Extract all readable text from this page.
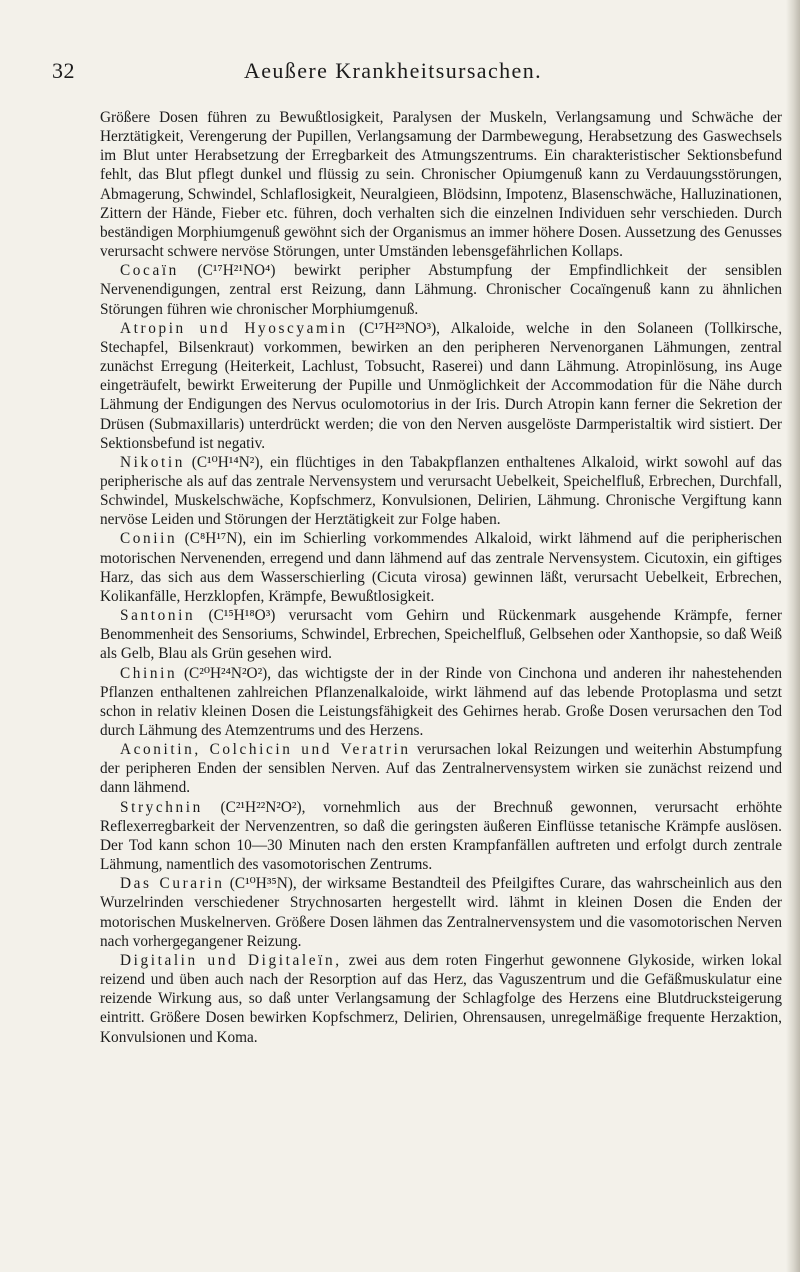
32	Aeußere Krankheitsursachen.

Größere Dosen führen zu Bewußtlosigkeit, Paralysen der Muskeln, Verlangsamung und Schwäche der Herztätigkeit, Verengerung der Pupillen, Verlangsamung der Darmbewegung, Herabsetzung des Gaswechsels im Blut unter Herabsetzung der Erregbarkeit des Atmungszentrums. Ein charakteristischer Sektionsbefund fehlt, das Blut pflegt dunkel und flüssig zu sein. Chronischer Opiumgenuß kann zu Verdauungsstörungen, Abmagerung, Schwindel, Schlaflosigkeit, Neuralgieen, Blödsinn, Impotenz, Blasenschwäche, Halluzinationen, Zittern der Hände, Fieber etc. führen, doch verhalten sich die einzelnen Individuen sehr verschieden. Durch beständigen Morphiumgenuß gewöhnt sich der Organismus an immer höhere Dosen. Aussetzung des Genusses verursacht schwere nervöse Störungen, unter Umständen lebensgefährlichen Kollaps.

Cocaïn (C¹⁷H²¹NO⁴) bewirkt peripher Abstumpfung der Empfindlichkeit der sensiblen Nervenendigungen, zentral erst Reizung, dann Lähmung. Chronischer Cocaïngenuß kann zu ähnlichen Störungen führen wie chronischer Morphiumgenuß.

Atropin und Hyoscyamin (C¹⁷H²³NO³), Alkaloide, welche in den Solaneen (Tollkirsche, Stechapfel, Bilsenkraut) vorkommen, bewirken an den peripheren Nervenorganen Lähmungen, zentral zunächst Erregung (Heiterkeit, Lachlust, Tobsucht, Raserei) und dann Lähmung. Atropinlösung, ins Auge eingeträufelt, bewirkt Erweiterung der Pupille und Unmöglichkeit der Accommodation für die Nähe durch Lähmung der Endigungen des Nervus oculomotorius in der Iris. Durch Atropin kann ferner die Sekretion der Drüsen (Submaxillaris) unterdrückt werden; die von den Nerven ausgelöste Darmperistaltik wird sistiert. Der Sektionsbefund ist negativ.

Nikotin (C¹⁰H¹⁴N²), ein flüchtiges in den Tabakpflanzen enthaltenes Alkaloid, wirkt sowohl auf das peripherische als auf das zentrale Nervensystem und verursacht Uebelkeit, Speichelfluß, Erbrechen, Durchfall, Schwindel, Muskelschwäche, Kopfschmerz, Konvulsionen, Delirien, Lähmung. Chronische Vergiftung kann nervöse Leiden und Störungen der Herztätigkeit zur Folge haben.

Coniin (C⁸H¹⁷N), ein im Schierling vorkommendes Alkaloid, wirkt lähmend auf die peripherischen motorischen Nervenenden, erregend und dann lähmend auf das zentrale Nervensystem. Cicutoxin, ein giftiges Harz, das sich aus dem Wasserschierling (Cicuta virosa) gewinnen läßt, verursacht Uebelkeit, Erbrechen, Kolikanfälle, Herzklopfen, Krämpfe, Bewußtlosigkeit.

Santonin (C¹⁵H¹⁸O³) verursacht vom Gehirn und Rückenmark ausgehende Krämpfe, ferner Benommenheit des Sensoriums, Schwindel, Erbrechen, Speichelfluß, Gelbsehen oder Xanthopsie, so daß Weiß als Gelb, Blau als Grün gesehen wird.

Chinin (C²⁰H²⁴N²O²), das wichtigste der in der Rinde von Cinchona und anderen ihr nahestehenden Pflanzen enthaltenen zahlreichen Pflanzenalkaloide, wirkt lähmend auf das lebende Protoplasma und setzt schon in relativ kleinen Dosen die Leistungsfähigkeit des Gehirnes herab. Große Dosen verursachen den Tod durch Lähmung des Atemzentrums und des Herzens.

Aconitin, Colchicin und Veratrin verursachen lokal Reizungen und weiterhin Abstumpfung der peripheren Enden der sensiblen Nerven. Auf das Zentralnervensystem wirken sie zunächst reizend und dann lähmend.

Strychnin (C²¹H²²N²O²), vornehmlich aus der Brechnuß gewonnen, verursacht erhöhte Reflexerregbarkeit der Nervenzentren, so daß die geringsten äußeren Einflüsse tetanische Krämpfe auslösen. Der Tod kann schon 10—30 Minuten nach den ersten Krampfanfällen auftreten und erfolgt durch zentrale Lähmung, namentlich des vasomotorischen Zentrums.

Das Curarin (C¹⁰H³⁵N), der wirksame Bestandteil des Pfeilgiftes Curare, das wahrscheinlich aus den Wurzelrinden verschiedener Strychnosarten hergestellt wird. lähmt in kleinen Dosen die Enden der motorischen Muskelnerven. Größere Dosen lähmen das Zentralnervensystem und die vasomotorischen Nerven nach vorhergegangener Reizung.

Digitalin und Digitaleïn, zwei aus dem roten Fingerhut gewonnene Glykoside, wirken lokal reizend und üben auch nach der Resorption auf das Herz, das Vaguszentrum und die Gefäßmuskulatur eine reizende Wirkung aus, so daß unter Verlangsamung der Schlagfolge des Herzens eine Blutdrucksteigerung eintritt. Größere Dosen bewirken Kopfschmerz, Delirien, Ohrensausen, unregelmäßige frequente Herzaktion, Konvulsionen und Koma.
